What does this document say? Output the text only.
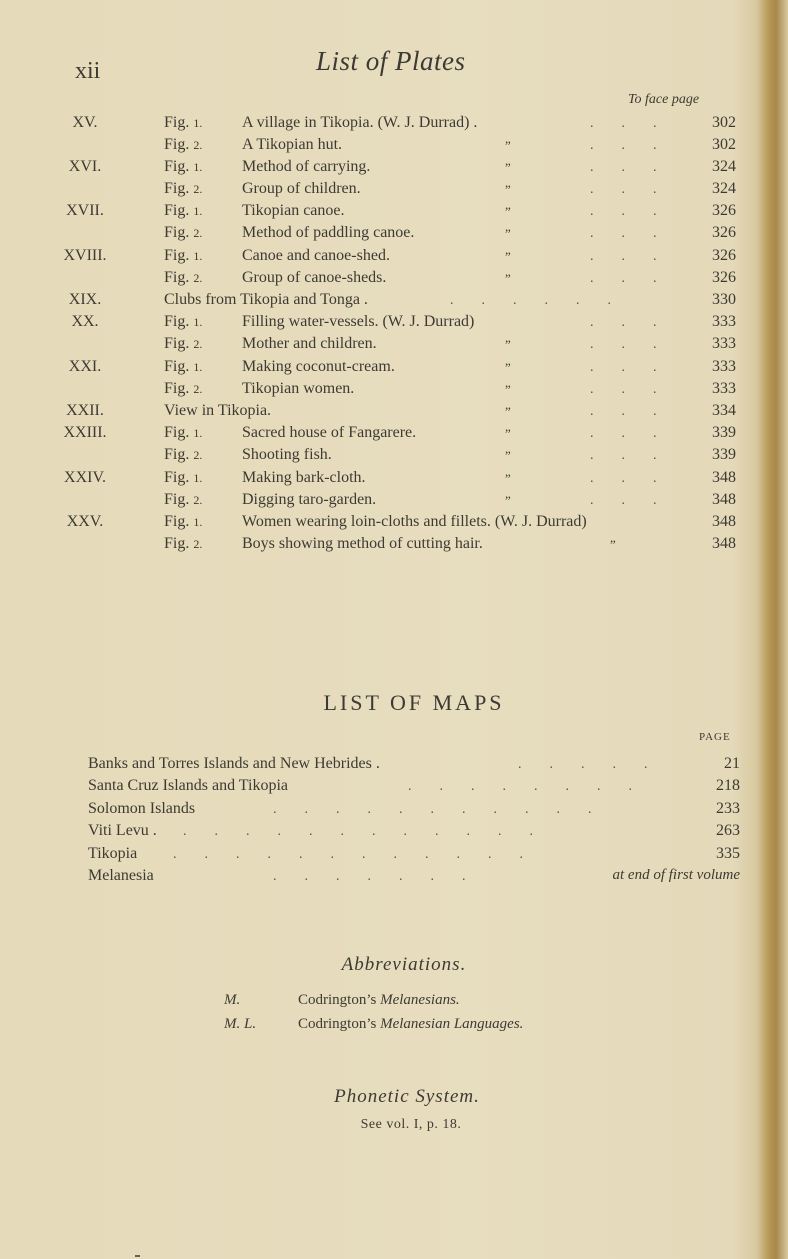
xii	List of Plates
To face page
XV.	Fig. 1. A village in Tikopia. (W. J. Durrad) .	.        .        .	302
Fig. 2. A Tikopian hut.	”	.        .        .	302
XVI.	Fig. 1. Method of carrying.	”	.        .        .	324
Fig. 2. Group of children.	”	.        .        .	324
XVII.	Fig. 1. Tikopian canoe.	”	.        .        .	326
Fig. 2. Method of paddling canoe.	”	.        .        .	326
XVIII.	Fig. 1. Canoe and canoe-shed.	”	.        .        .	326
Fig. 2. Group of canoe-sheds.	”	.        .        .	326
XIX.	Clubs from Tikopia and Tonga .	.        .        .        .        .        .	330
XX.	Fig. 1. Filling water-vessels. (W. J. Durrad)	.        .        .	333
Fig. 2. Mother and children.	”	.        .        .	333
XXI.	Fig. 1. Making coconut-cream.	”	.        .        .	333
Fig. 2. Tikopian women.	”	.        .        .	333
XXII.	View in Tikopia.	”	.        .        .	334
XXIII.	Fig. 1. Sacred house of Fangarere.	”	.        .        .	339
Fig. 2. Shooting fish.	”	.        .        .	339
XXIV.	Fig. 1. Making bark-cloth.	”	.        .        .	348
Fig. 2. Digging taro-garden.	”	.        .        .	348
XXV.	Fig. 1. Women wearing loin-cloths and fillets. (W. J. Durrad)	348
Fig. 2. Boys showing method of cutting hair.	”	348
LIST OF MAPS
PAGE
Banks and Torres Islands and New Hebrides .	.        .        .        .        .	21
Santa Cruz Islands and Tikopia	.        .        .        .        .        .        .        .	218
Solomon Islands	.        .        .        .        .        .        .        .        .        .        .	233
Viti Levu . .        .        .        .        .        .        .        .        .        .        .        .	263
Tikopia	.        .        .        .        .        .        .        .        .        .        .        .	335
Melanesia	.        .        .        .        .        .        .	at end of first volume
Abbreviations.
M.	Codrington’s Melanesians.
M. L.	Codrington’s Melanesian Languages.
Phonetic System.
See vol. I, p. 18.
